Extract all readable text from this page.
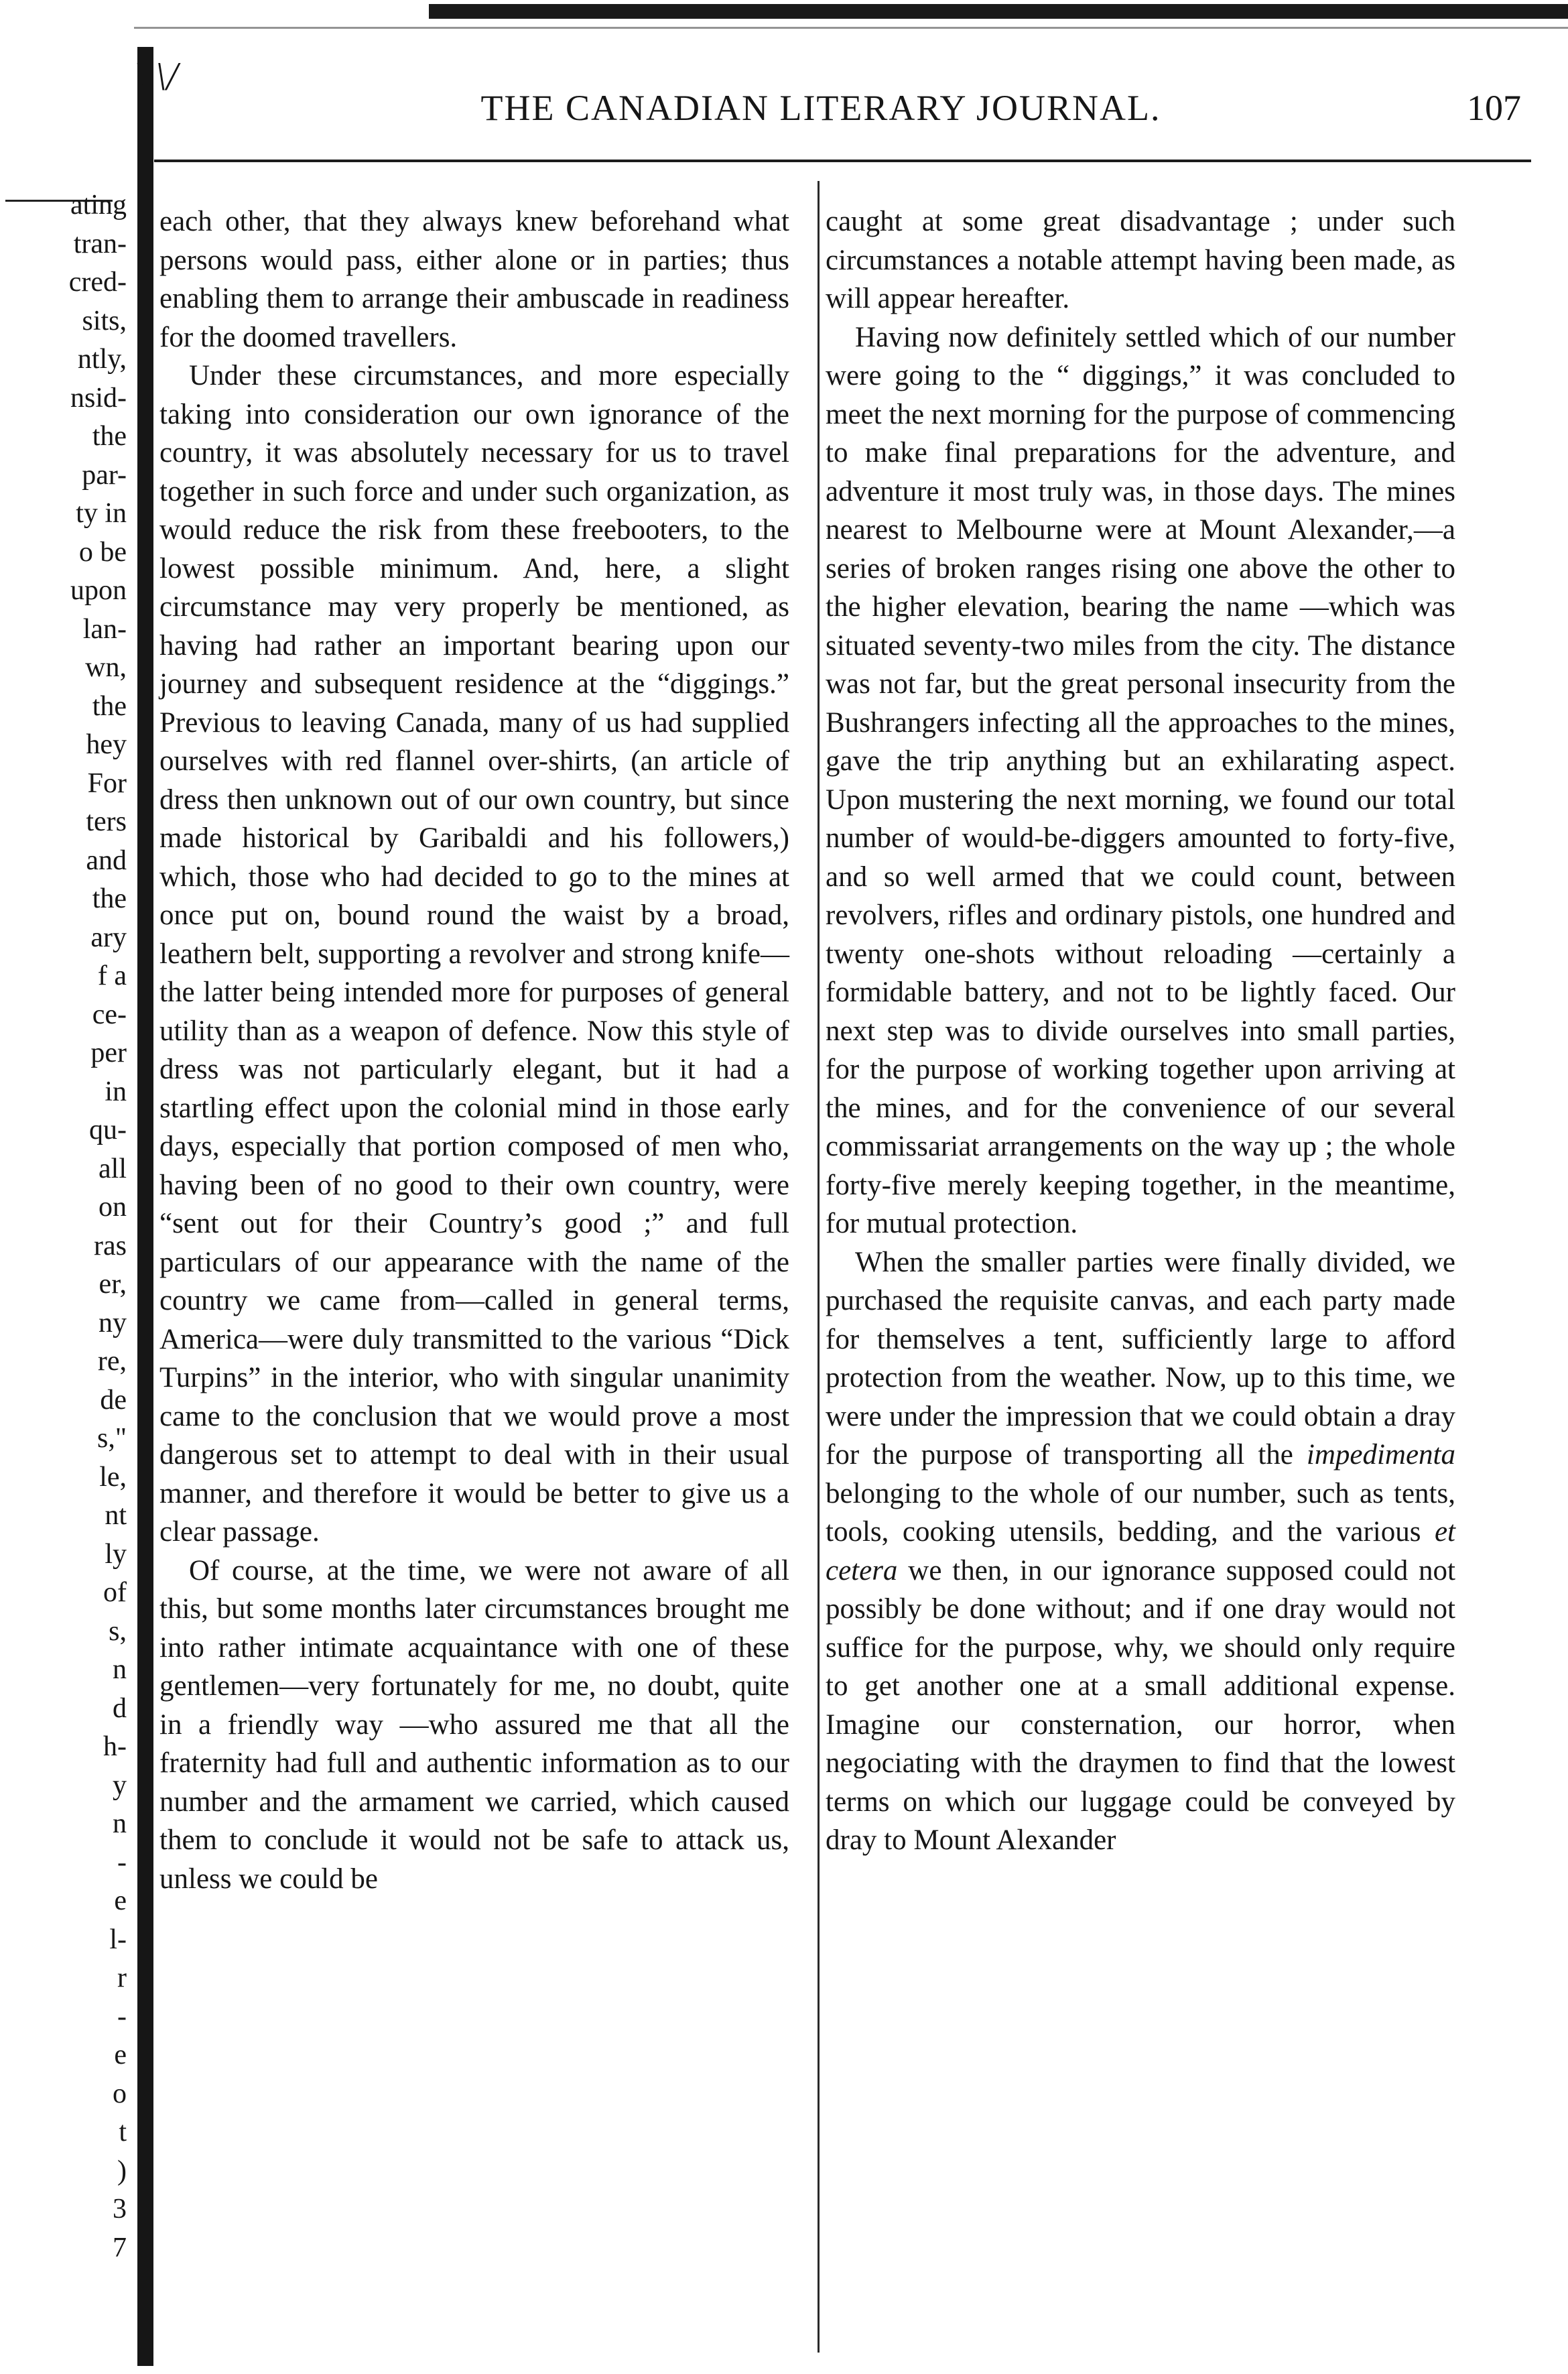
ating
tran-
cred-
sits,
ntly,
nsid-
the
par-
ty in
o be
upon
lan-
wn,
the
hey
For
ters
and
the
ary
f a
ce-
per
in
qu-
all
on
ras
er,
ny
re,
de
s,"
le,
nt
ly
of
s,
n
d
h-
y
n
-
e
l-
r
-
e
o
t
)
3
7
\ \/
THE CANADIAN LITERARY JOURNAL.	107

each other, that they always knew beforehand what persons would pass, either alone or in parties; thus enabling them to arrange their ambuscade in readiness for the doomed travellers.

Under these circumstances, and more especially taking into consideration our own ignorance of the country, it was absolutely necessary for us to travel together in such force and under such organization, as would reduce the risk from these freebooters, to the lowest possible minimum. And, here, a slight circumstance may very properly be mentioned, as having had rather an important bearing upon our journey and subsequent residence at the “diggings.” Previous to leaving Canada, many of us had supplied ourselves with red flannel over-shirts, (an article of dress then unknown out of our own country, but since made historical by Garibaldi and his followers,) which, those who had decided to go to the mines at once put on, bound round the waist by a broad, leathern belt, supporting a revolver and strong knife—the latter being intended more for purposes of general utility than as a weapon of defence. Now this style of dress was not particularly elegant, but it had a startling effect upon the colonial mind in those early days, especially that portion composed of men who, having been of no good to their own country, were “sent out for their Country’s good ;” and full particulars of our appearance with the name of the country we came from—called in general terms, America—were duly transmitted to the various “Dick Turpins” in the interior, who with singular unanimity came to the conclusion that we would prove a most dangerous set to attempt to deal with in their usual manner, and therefore it would be better to give us a clear passage.

Of course, at the time, we were not aware of all this, but some months later circumstances brought me into rather intimate acquaintance with one of these gentlemen—very fortunately for me, no doubt, quite in a friendly way —who assured me that all the fraternity had full and authentic information as to our number and the armament we carried, which caused them to conclude it would not be safe to attack us, unless we could be

caught at some great disadvantage ; under such circumstances a notable attempt having been made, as will appear hereafter.

Having now definitely settled which of our number were going to the “ diggings,” it was concluded to meet the next morning for the purpose of commencing to make final preparations for the adventure, and adventure it most truly was, in those days. The mines nearest to Melbourne were at Mount Alexander,—a series of broken ranges rising one above the other to the higher elevation, bearing the name —which was situated seventy-two miles from the city. The distance was not far, but the great personal insecurity from the Bushrangers infecting all the approaches to the mines, gave the trip anything but an exhilarating aspect. Upon mustering the next morning, we found our total number of would-be-diggers amounted to forty-five, and so well armed that we could count, between revolvers, rifles and ordinary pistols, one hundred and twenty one-shots without reloading —certainly a formidable battery, and not to be lightly faced. Our next step was to divide ourselves into small parties, for the purpose of working together upon arriving at the mines, and for the convenience of our several commissariat arrangements on the way up ; the whole forty-five merely keeping together, in the meantime, for mutual protection.

When the smaller parties were finally divided, we purchased the requisite canvas, and each party made for themselves a tent, sufficiently large to afford protection from the weather. Now, up to this time, we were under the impression that we could obtain a dray for the purpose of transporting all the impedimenta belonging to the whole of our number, such as tents, tools, cooking utensils, bedding, and the various et cetera we then, in our ignorance supposed could not possibly be done without; and if one dray would not suffice for the purpose, why, we should only require to get another one at a small additional expense. Imagine our consternation, our horror, when negociating with the draymen to find that the lowest terms on which our luggage could be conveyed by dray to Mount Alexander
